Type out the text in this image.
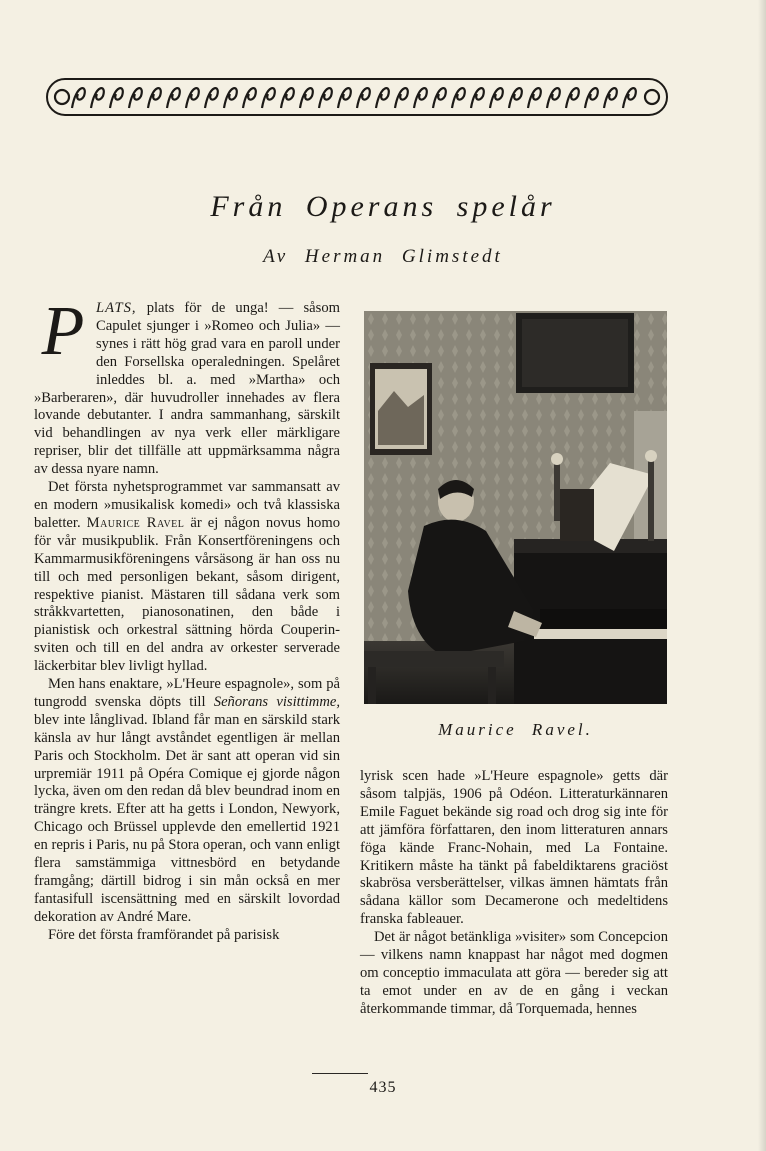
Från Operans spelår
Av Herman Glimstedt

PLATS, plats för de unga! — såsom Capulet sjunger i »Romeo och Julia» — synes i rätt hög grad vara en paroll under den Forsellska operaledningen. Spelåret inleddes bl. a. med »Martha» och »Barberaren», där huvudroller innehades av flera lovande debutanter. I andra sammanhang, särskilt vid behandlingen av nya verk eller märkligare repriser, blir det tillfälle att uppmärksamma några av dessa nyare namn.

Det första nyhetsprogrammet var sammansatt av en modern »musikalisk komedi» och två klassiska baletter. Maurice Ravel är ej någon novus homo för vår musikpublik. Från Konsertföreningens och Kammarmusikföreningens vårsäsong är han oss nu till och med personligen bekant, såsom dirigent, respektive pianist. Mästaren till sådana verk som stråkkvartetten, pianosonatinen, den både i pianistisk och orkestral sättning hörda Couperin-sviten och till en del andra av orkester serverade läckerbitar blev livligt hyllad.

Men hans enaktare, »L'Heure espagnole», som på tungrodd svenska döpts till Señorans visittimme, blev inte långlivad. Ibland får man en särskild stark känsla av hur långt avståndet egentligen är mellan Paris och Stockholm. Det är sant att operan vid sin urpremiär 1911 på Opéra Comique ej gjorde någon lycka, även om den redan då blev beundrad inom en trängre krets. Efter att ha getts i London, Newyork, Chicago och Brüssel upplevde den emellertid 1921 en repris i Paris, nu på Stora operan, och vann enligt flera samstämmiga vittnesbörd en betydande framgång; därtill bidrog i sin mån också en mer fantasifull iscensättning med en särskilt lovordad dekoration av André Mare.

Före det första framförandet på parisisk

Maurice Ravel.

lyrisk scen hade »L'Heure espagnole» getts där såsom talpjäs, 1906 på Odéon. Litteraturkännaren Emile Faguet bekände sig road och drog sig inte för att jämföra författaren, den inom litteraturen annars föga kände Franc-Nohain, med La Fontaine. Kritikern måste ha tänkt på fabeldiktarens graciöst skabrösa versberättelser, vilkas ämnen hämtats från sådana källor som Decamerone och medeltidens franska fableauer.

Det är något betänkliga »visiter» som Concepcion — vilkens namn knappast har något med dogmen om conceptio immaculata att göra — bereder sig att ta emot under en av de en gång i veckan återkommande timmar, då Torquemada, hennes

435
